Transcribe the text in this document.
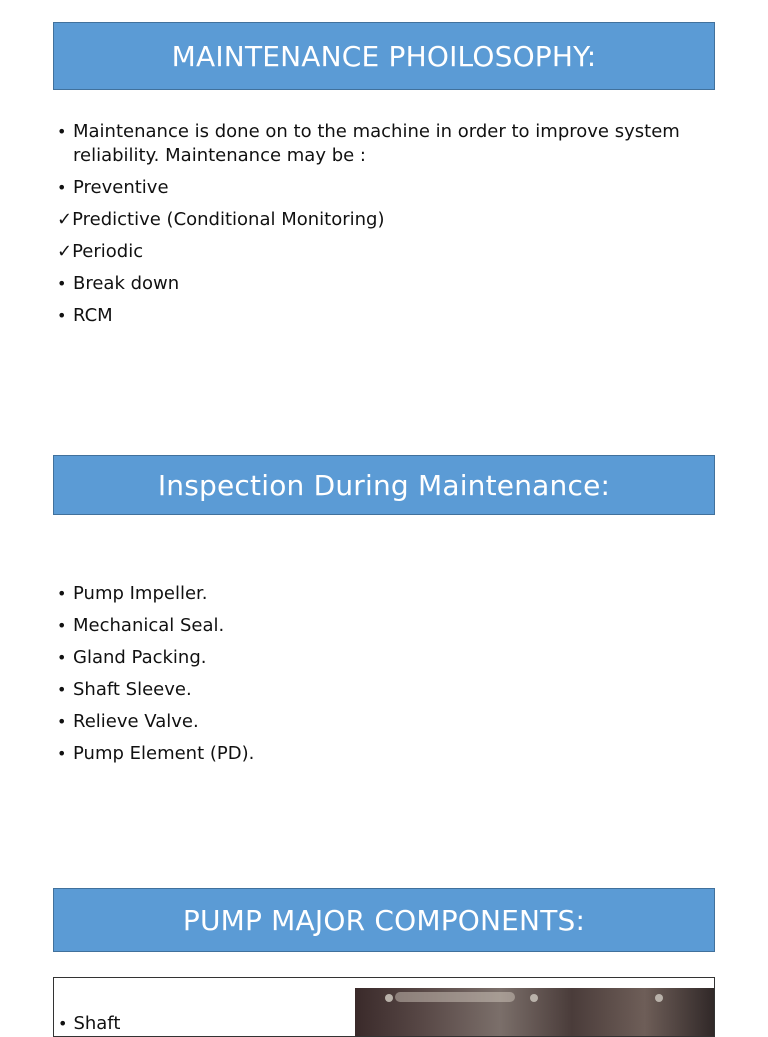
MAINTENANCE PHOILOSOPHY:
• Maintenance is done on to the machine in order to improve system reliability. Maintenance may be :
• Preventive
✓Predictive (Conditional Monitoring)
✓Periodic
• Break down
• RCM
Inspection During Maintenance:
• Pump Impeller.
• Mechanical Seal.
• Gland Packing.
• Shaft Sleeve.
• Relieve Valve.
• Pump Element (PD).
PUMP MAJOR COMPONENTS:
• Shaft
